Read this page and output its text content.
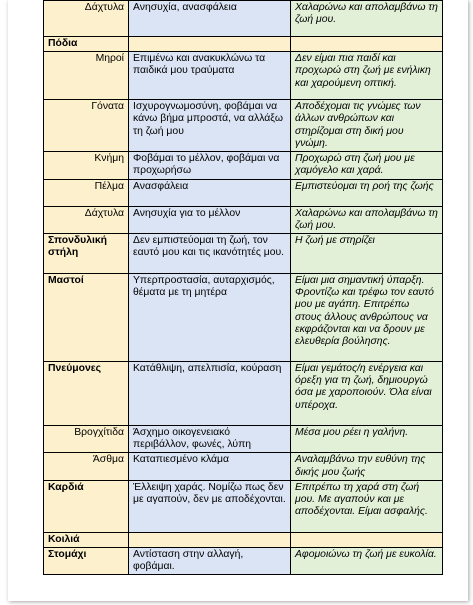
Δάχτυλα	Ανησυχία, ανασφάλεια	Χαλαρώνω και απολαμβάνω τη ζωή μου.
Πόδια		
Μηροί	Επιμένω και ανακυκλώνω τα παιδικά μου τραύματα	Δεν είμαι πια παιδί και προχωρώ στη ζωή με ενήλικη και χαρούμενη οπτική.
Γόνατα	Ισχυρογνωμοσύνη, φοβάμαι να κάνω βήμα μπροστά, να αλλάξω τη ζωή μου	Αποδέχομαι τις γνώμες των άλλων ανθρώπων και στηρίζομαι στη δική μου γνώμη.
Κνήμη	Φοβάμαι το μέλλον, φοβάμαι να προχωρήσω	Προχωρώ στη ζωή μου με χαμόγελο και χαρά.
Πέλμα	Ανασφάλεια	Εμπιστεύομαι τη ροή της ζωής
Δάχτυλα	Ανησυχία για το μέλλον	Χαλαρώνω και απολαμβάνω τη ζωή μου.
Σπονδυλική στήλη	Δεν εμπιστεύομαι τη ζωή, τον εαυτό μου και τις ικανότητές μου.	Η ζωή με στηρίζει
Μαστοί	Υπερπροστασία, αυταρχισμός, θέματα με τη μητέρα	Είμαι μια σημαντική ύπαρξη. Φροντίζω και τρέφω τον εαυτό μου με αγάπη. Επιτρέπω στους άλλους ανθρώπους να εκφράζονται και να δρουν με ελευθερία βούλησης.
Πνεύμονες	Κατάθλιψη, απελπισία, κούραση	Είμαι γεμάτος/η ενέργεια και όρεξη για τη ζωή, δημιουργώ όσα με χαροποιούν. Όλα είναι υπέροχα.
Βρογχίτιδα	Άσχημο οικογενειακό περιβάλλον, φωνές, λύπη	Μέσα μου ρέει η γαλήνη.
Άσθμα	Καταπιεσμένο κλάμα	Αναλαμβάνω την ευθύνη της δικής μου ζωής
Καρδιά	Έλλειψη χαράς. Νομίζω πως δεν με αγαπούν, δεν με αποδέχονται.	Επιτρέπω τη χαρά στη ζωή μου. Με αγαπούν και με αποδέχονται. Είμαι ασφαλής.
Κοιλιά		
Στομάχι	Αντίσταση στην αλλαγή, φοβάμαι.	Αφομοιώνω τη ζωή με ευκολία.
